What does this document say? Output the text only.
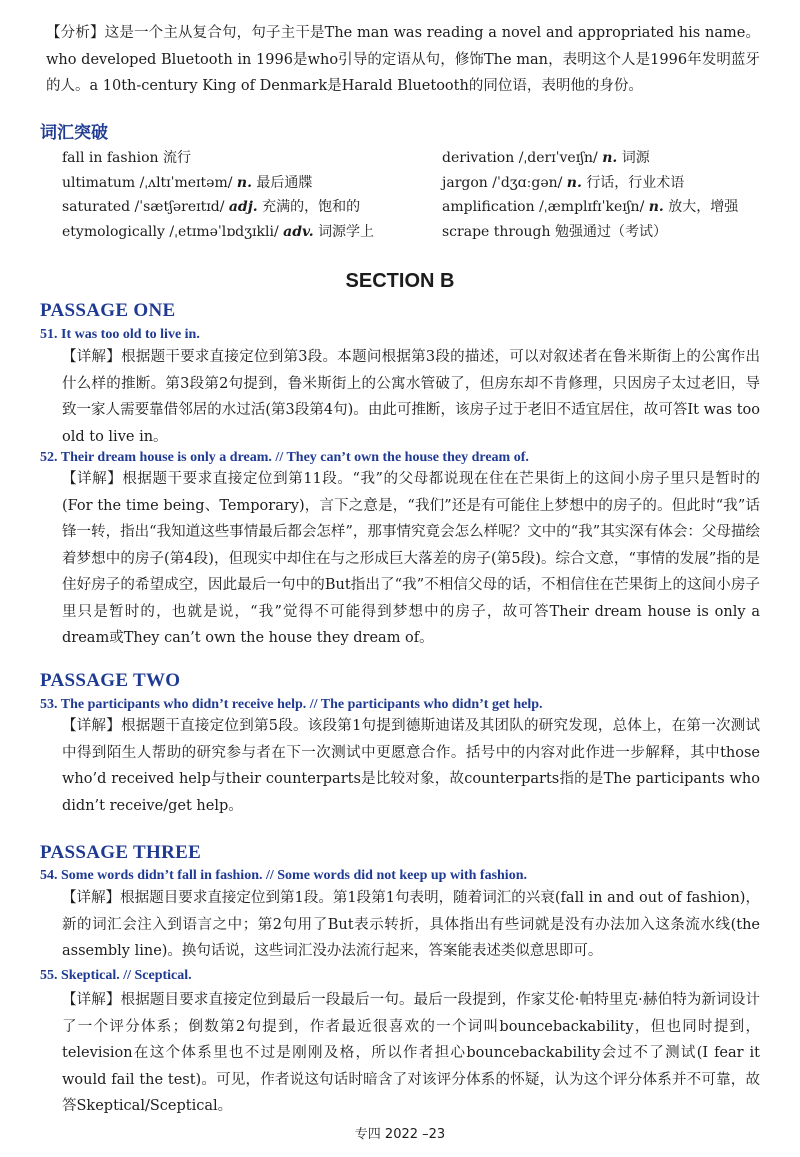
【分析】这是一个主从复合句，句子主干是The man was reading a novel and appropriated his name。who developed Bluetooth in 1996是who引导的定语从句，修饰The man，表明这个人是1996年发明蓝牙的人。a 10th-century King of Denmark是Harald Bluetooth的同位语，表明他的身份。

词汇突破
fall in fashion 流行
ultimatum /ˌʌltɪˈmeɪtəm/ n. 最后通牒
saturated /ˈsætʃəreɪtɪd/ adj. 充满的，饱和的
etymologically /ˌetɪməˈlɒdʒɪkli/ adv. 词源学上
derivation /ˌderɪˈveɪʃn/ n. 词源
jargon /ˈdʒɑːgən/ n. 行话，行业术语
amplification /ˌæmplɪfɪˈkeɪʃn/ n. 放大，增强
scrape through 勉强通过（考试）
SECTION B
PASSAGE ONE

51. It was too old to live in.

【详解】根据题干要求直接定位到第3段。本题问根据第3段的描述，可以对叙述者在鲁米斯街上的公寓作出什么样的推断。第3段第2句提到，鲁米斯街上的公寓水管破了，但房东却不肯修理，只因房子太过老旧，导致一家人需要靠借邻居的水过活(第3段第4句)。由此可推断，该房子过于老旧不适宜居住，故可答It was too old to live in。

52. Their dream house is only a dream. // They can’t own the house they dream of.

【详解】根据题干要求直接定位到第11段。“我”的父母都说现在住在芒果街上的这间小房子里只是暂时的(For the time being、Temporary)，言下之意是，“我们”还是有可能住上梦想中的房子的。但此时“我”话锋一转，指出“我知道这些事情最后都会怎样”，那事情究竟会怎么样呢？文中的“我”其实深有体会：父母描绘着梦想中的房子(第4段)，但现实中却住在与之形成巨大落差的房子(第5段)。综合文意，“事情的发展”指的是住好房子的希望成空，因此最后一句中的But指出了“我”不相信父母的话，不相信住在芒果街上的这间小房子里只是暂时的，也就是说，“我”觉得不可能得到梦想中的房子，故可答Their dream house is only a dream或They can’t own the house they dream of。

PASSAGE TWO

53. The participants who didn’t receive help. // The participants who didn’t get help.

【详解】根据题干直接定位到第5段。该段第1句提到德斯迪诺及其团队的研究发现，总体上，在第一次测试中得到陌生人帮助的研究参与者在下一次测试中更愿意合作。括号中的内容对此作进一步解释，其中those who’d received help与their counterparts是比较对象，故counterparts指的是The participants who didn’t receive/get help。

PASSAGE THREE

54. Some words didn’t fall in fashion. // Some words did not keep up with fashion.

【详解】根据题目要求直接定位到第1段。第1段第1句表明，随着词汇的兴衰(fall in and out of fashion)，新的词汇会注入到语言之中；第2句用了But表示转折，具体指出有些词就是没有办法加入这条流水线(the assembly line)。换句话说，这些词汇没办法流行起来，答案能表述类似意思即可。

55. Skeptical. // Sceptical.

【详解】根据题目要求直接定位到最后一段最后一句。最后一段提到，作家艾伦·帕特里克·赫伯特为新词设计了一个评分体系；倒数第2句提到，作者最近很喜欢的一个词叫bouncebackability，但也同时提到，television在这个体系里也不过是刚刚及格，所以作者担心bouncebackability会过不了测试(I fear it would fail the test)。可见，作者说这句话时暗含了对该评分体系的怀疑，认为这个评分体系并不可靠，故答Skeptical/Sceptical。

专四 2022 –23
